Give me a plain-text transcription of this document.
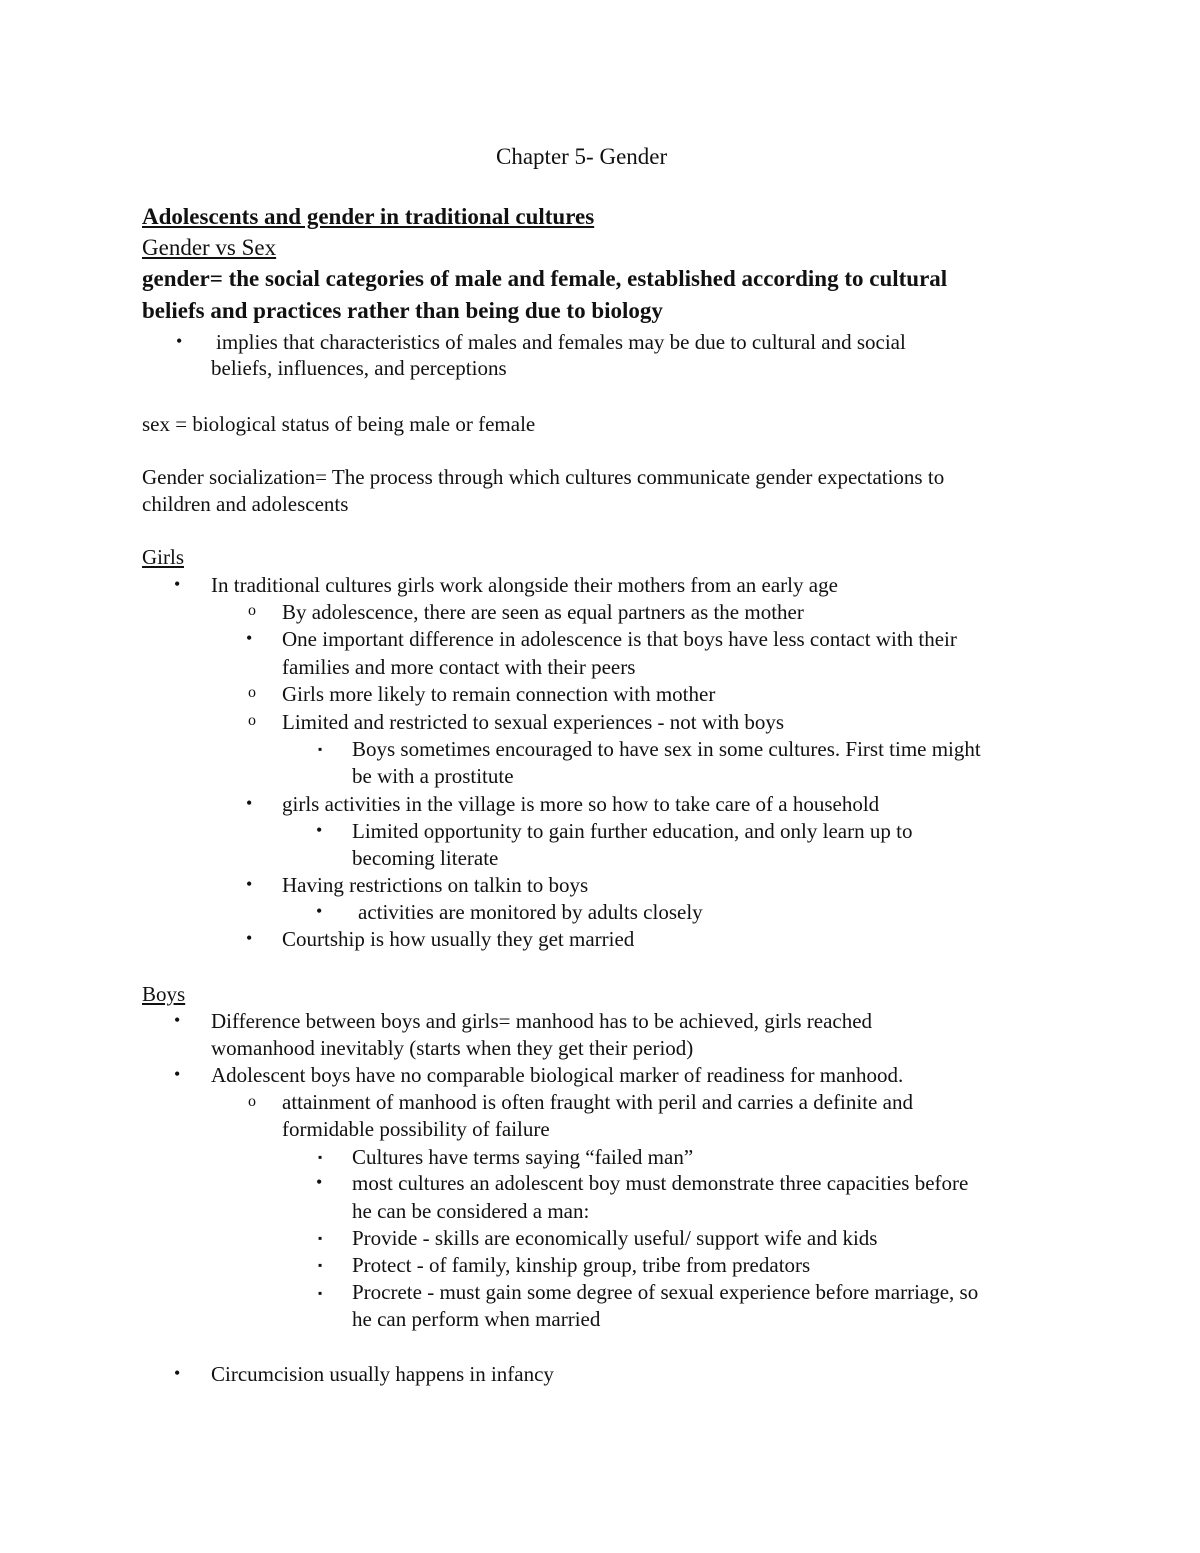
Chapter 5- Gender
Adolescents and gender in traditional cultures
Gender vs Sex
gender= the social categories of male and female, established according to cultural
beliefs and practices rather than being due to biology
• implies that characteristics of males and females may be due to cultural and social
beliefs, influences, and perceptions
sex = biological status of being male or female
Gender socialization= The process through which cultures communicate gender expectations to
children and adolescents
Girls
• In traditional cultures girls work alongside their mothers from an early age
o By adolescence, there are seen as equal partners as the mother
• One important difference in adolescence is that boys have less contact with their
families and more contact with their peers
o Girls more likely to remain connection with mother
o Limited and restricted to sexual experiences - not with boys
▪ Boys sometimes encouraged to have sex in some cultures. First time might
be with a prostitute
• girls activities in the village is more so how to take care of a household
• Limited opportunity to gain further education, and only learn up to
becoming literate
• Having restrictions on talkin to boys
• activities are monitored by adults closely
• Courtship is how usually they get married
Boys
• Difference between boys and girls= manhood has to be achieved, girls reached
womanhood inevitably (starts when they get their period)
• Adolescent boys have no comparable biological marker of readiness for manhood.
o attainment of manhood is often fraught with peril and carries a definite and
formidable possibility of failure
▪ Cultures have terms saying “failed man”
• most cultures an adolescent boy must demonstrate three capacities before
he can be considered a man:
▪ Provide - skills are economically useful/ support wife and kids
▪ Protect - of family, kinship group, tribe from predators
▪ Procrete - must gain some degree of sexual experience before marriage, so
he can perform when married
• Circumcision usually happens in infancy
